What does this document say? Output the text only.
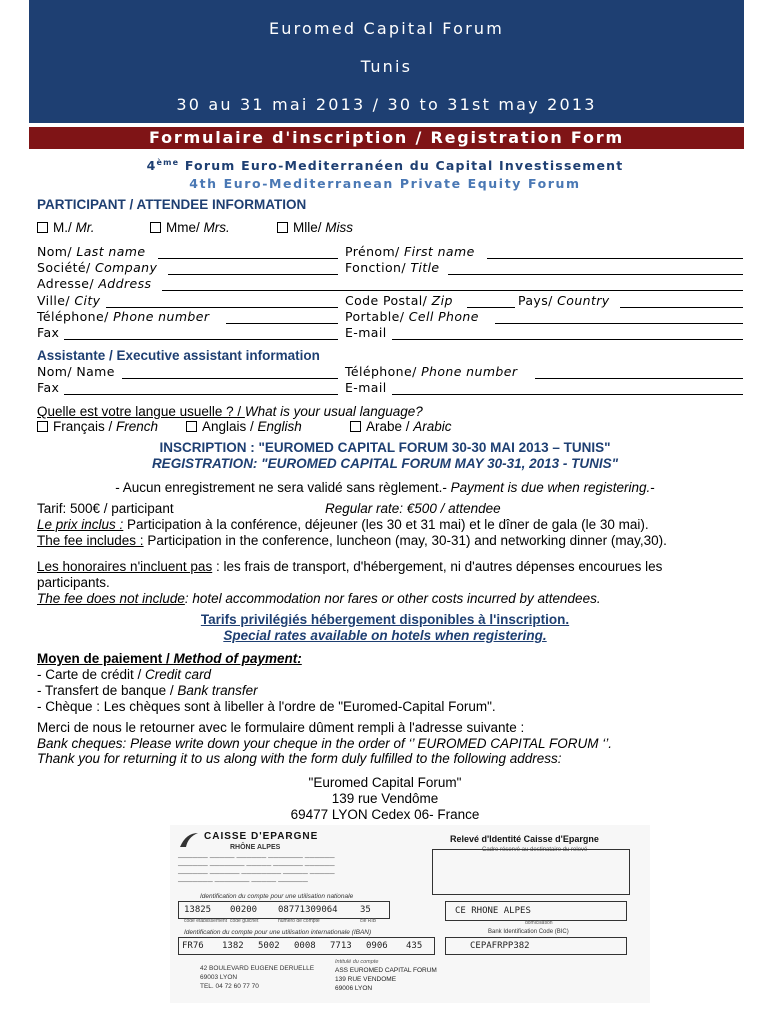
Euromed Capital Forum
Tunis
30 au 31 mai 2013 / 30 to 31st may 2013
Formulaire d'inscription / Registration Form
4ème Forum Euro-Mediterranéen du Capital Investissement
4th Euro-Mediterranean Private Equity Forum
PARTICIPANT / ATTENDEE INFORMATION
M./ Mr.	Mme/ Mrs.	Mlle/ Miss
Nom/ Last name	Prénom/ First name
Société/ Company	Fonction/ Title
Adresse/ Address
Ville/ City	Code Postal/ Zip	Pays/ Country
Téléphone/ Phone number	Portable/ Cell Phone
Fax	E-mail
Assistante / Executive assistant information
Nom/ Name	Téléphone/ Phone number
Fax	E-mail
Quelle est votre langue usuelle ? / What is your usual language?
Français / French	Anglais / English	Arabe / Arabic
INSCRIPTION : "EUROMED CAPITAL FORUM 30-30 MAI 2013 – TUNIS"
REGISTRATION: "EUROMED CAPITAL FORUM MAY 30-31, 2013 - TUNIS"
- Aucun enregistrement ne sera validé sans règlement.- Payment is due when registering.-
Tarif: 500€ / participant	Regular rate: €500 / attendee
Le prix inclus : Participation à la conférence, déjeuner (les 30 et 31 mai) et le dîner de gala (le 30 mai).
The fee includes : Participation in the conference, luncheon (may, 30-31) and networking dinner (may,30).
Les honoraires n'incluent pas : les frais de transport, d'hébergement, ni d'autres dépenses encourues les
participants.
The fee does not include: hotel accommodation nor fares or other costs incurred by attendees.
Tarifs privilégiés hébergement disponibles à l'inscription.
Special rates available on hotels when registering.
Moyen de paiement / Method of payment:
- Carte de crédit / Credit card
- Transfert de banque / Bank transfer
- Chèque : Les chèques sont à libeller à l'ordre de "Euromed-Capital Forum".
Merci de nous le retourner avec le formulaire dûment rempli à l'adresse suivante :
Bank cheques: Please write down your cheque in the order of ‘’ EUROMED CAPITAL FORUM ‘’.
Thank you for returning it to us along with the form duly fulfilled to the following address:
"Euromed Capital Forum"
139 rue Vendôme
69477 LYON Cedex 06- France
CAISSE D'EPARGNE
RHÔNE ALPES
Relevé d'Identité Caisse d'Epargne
Cadre réservé au destinataire du relevé
────── ───── ────── ─────── ──────
────── ─────── ───── ────── ──────
────── ────── ──────── ───── ─────
─────── ─────── ───── ──────
Identification du compte pour une utilisation nationale
13825 00200 08771309064 35
code établissement code guichet	numéro de compte	clé RIB
CE RHONE ALPES
domiciliation
Identification du compte pour une utilisation internationale (IBAN)
FR76 1382 5002 0008 7713 0906 435
Bank Identification Code (BIC)
CEPAFRPP382
42 BOULEVARD EUGENE DERUELLE
69003 LYON
TEL. 04 72 60 77 70
Intitulé du compte
ASS EUROMED CAPITAL FORUM
139 RUE VENDOME
69006 LYON
